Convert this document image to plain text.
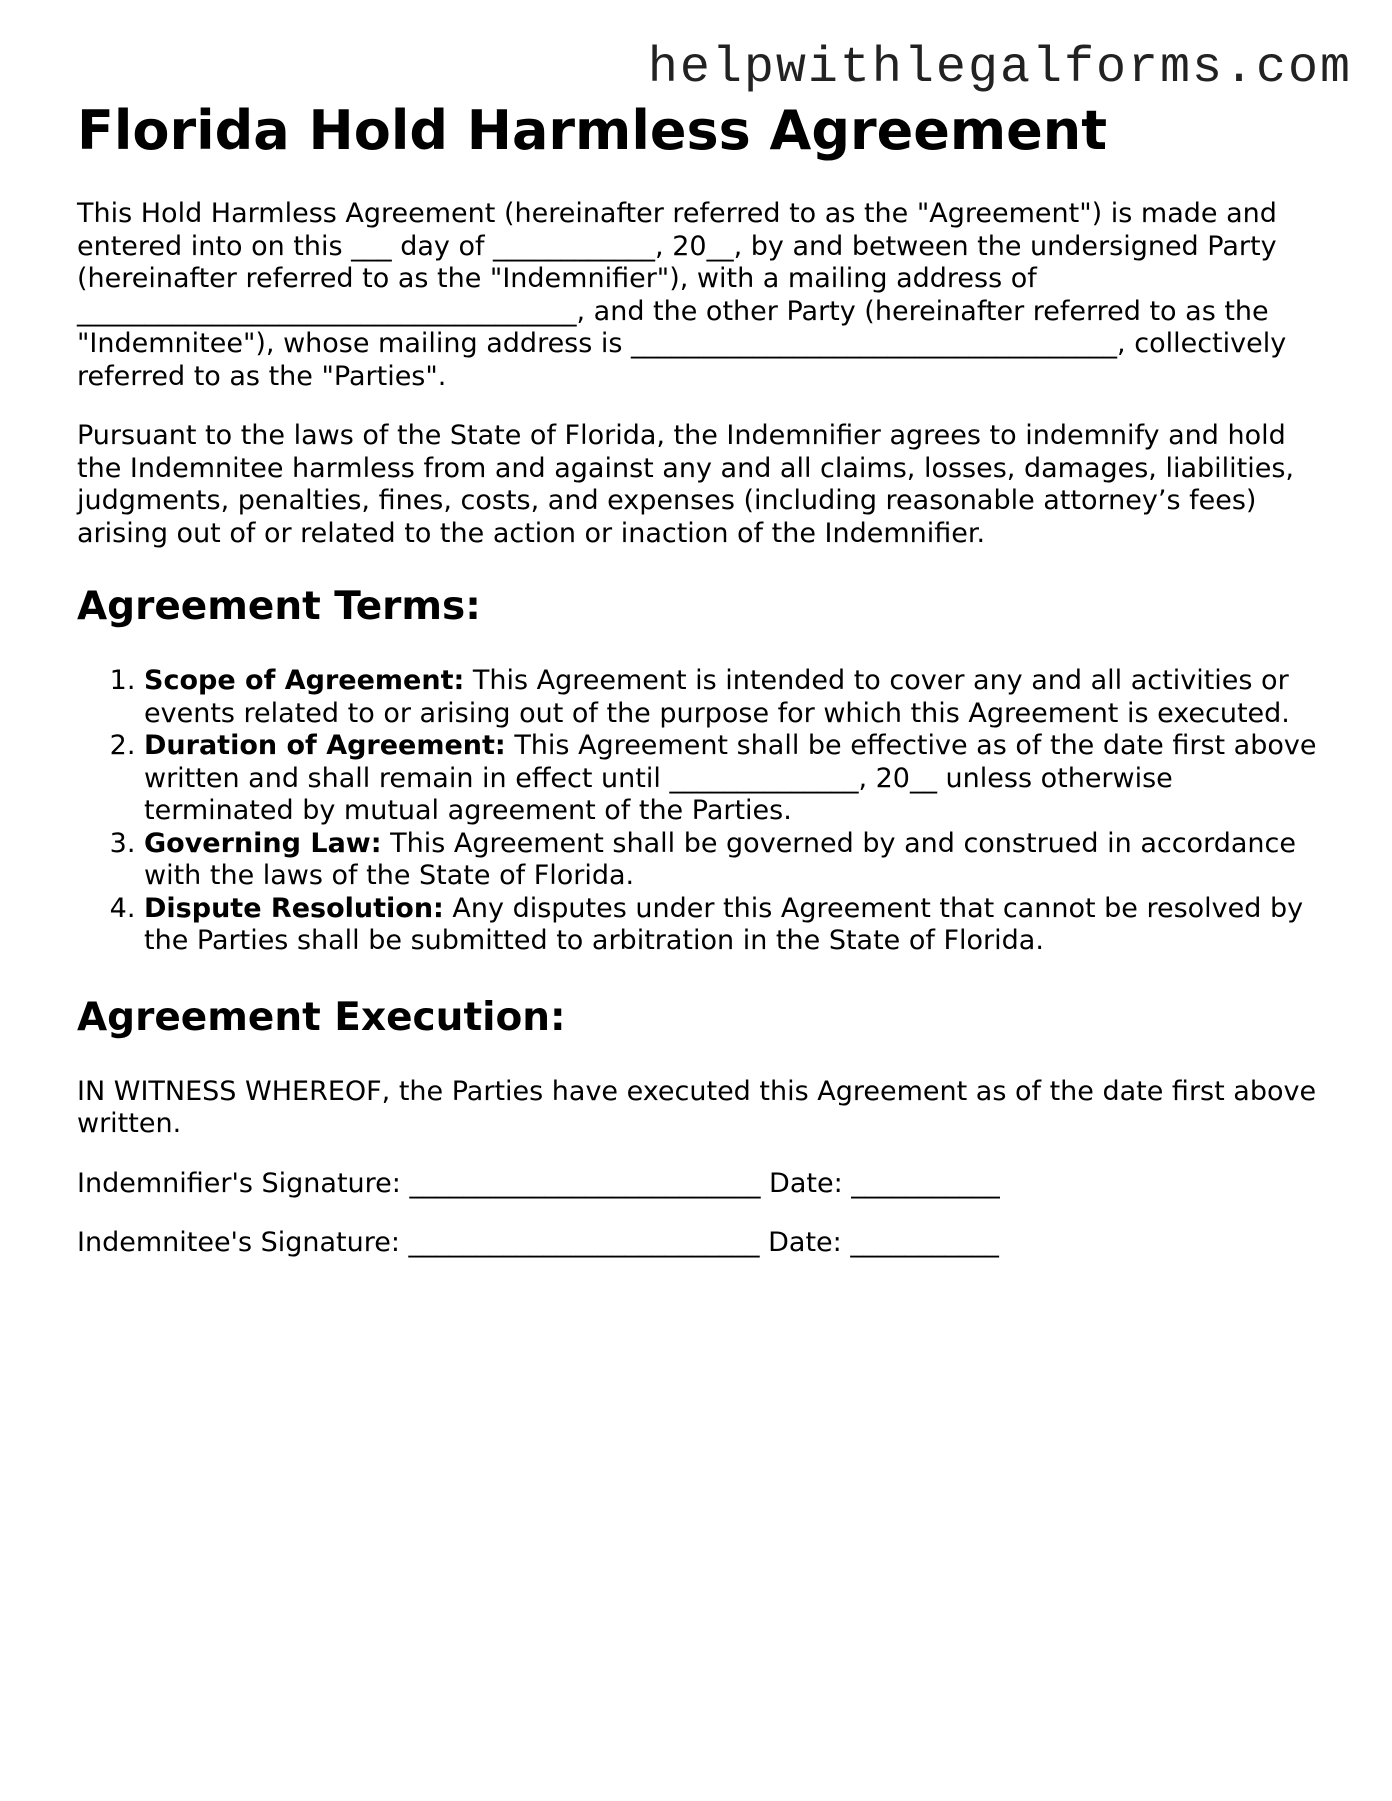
helpwithlegalforms.com
Florida Hold Harmless Agreement

This Hold Harmless Agreement (hereinafter referred to as the "Agreement") is made and entered into on this ___ day of ____________, 20__, by and between the undersigned Party (hereinafter referred to as the "Indemnifier"), with a mailing address of _____________________________________, and the other Party (hereinafter referred to as the "Indemnitee"), whose mailing address is ____________________________________, collectively referred to as the "Parties".

Pursuant to the laws of the State of Florida, the Indemnifier agrees to indemnify and hold the Indemnitee harmless from and against any and all claims, losses, damages, liabilities, judgments, penalties, fines, costs, and expenses (including reasonable attorney’s fees) arising out of or related to the action or inaction of the Indemnifier.

Agreement Terms:
1. Scope of Agreement: This Agreement is intended to cover any and all activities or events related to or arising out of the purpose for which this Agreement is executed.
2. Duration of Agreement: This Agreement shall be effective as of the date first above written and shall remain in effect until ______________, 20__ unless otherwise terminated by mutual agreement of the Parties.
3. Governing Law: This Agreement shall be governed by and construed in accordance with the laws of the State of Florida.
4. Dispute Resolution: Any disputes under this Agreement that cannot be resolved by the Parties shall be submitted to arbitration in the State of Florida.
Agreement Execution:

IN WITNESS WHEREOF, the Parties have executed this Agreement as of the date first above written.

Indemnifier's Signature: __________________________ Date: ___________

Indemnitee's Signature: __________________________ Date: ___________
